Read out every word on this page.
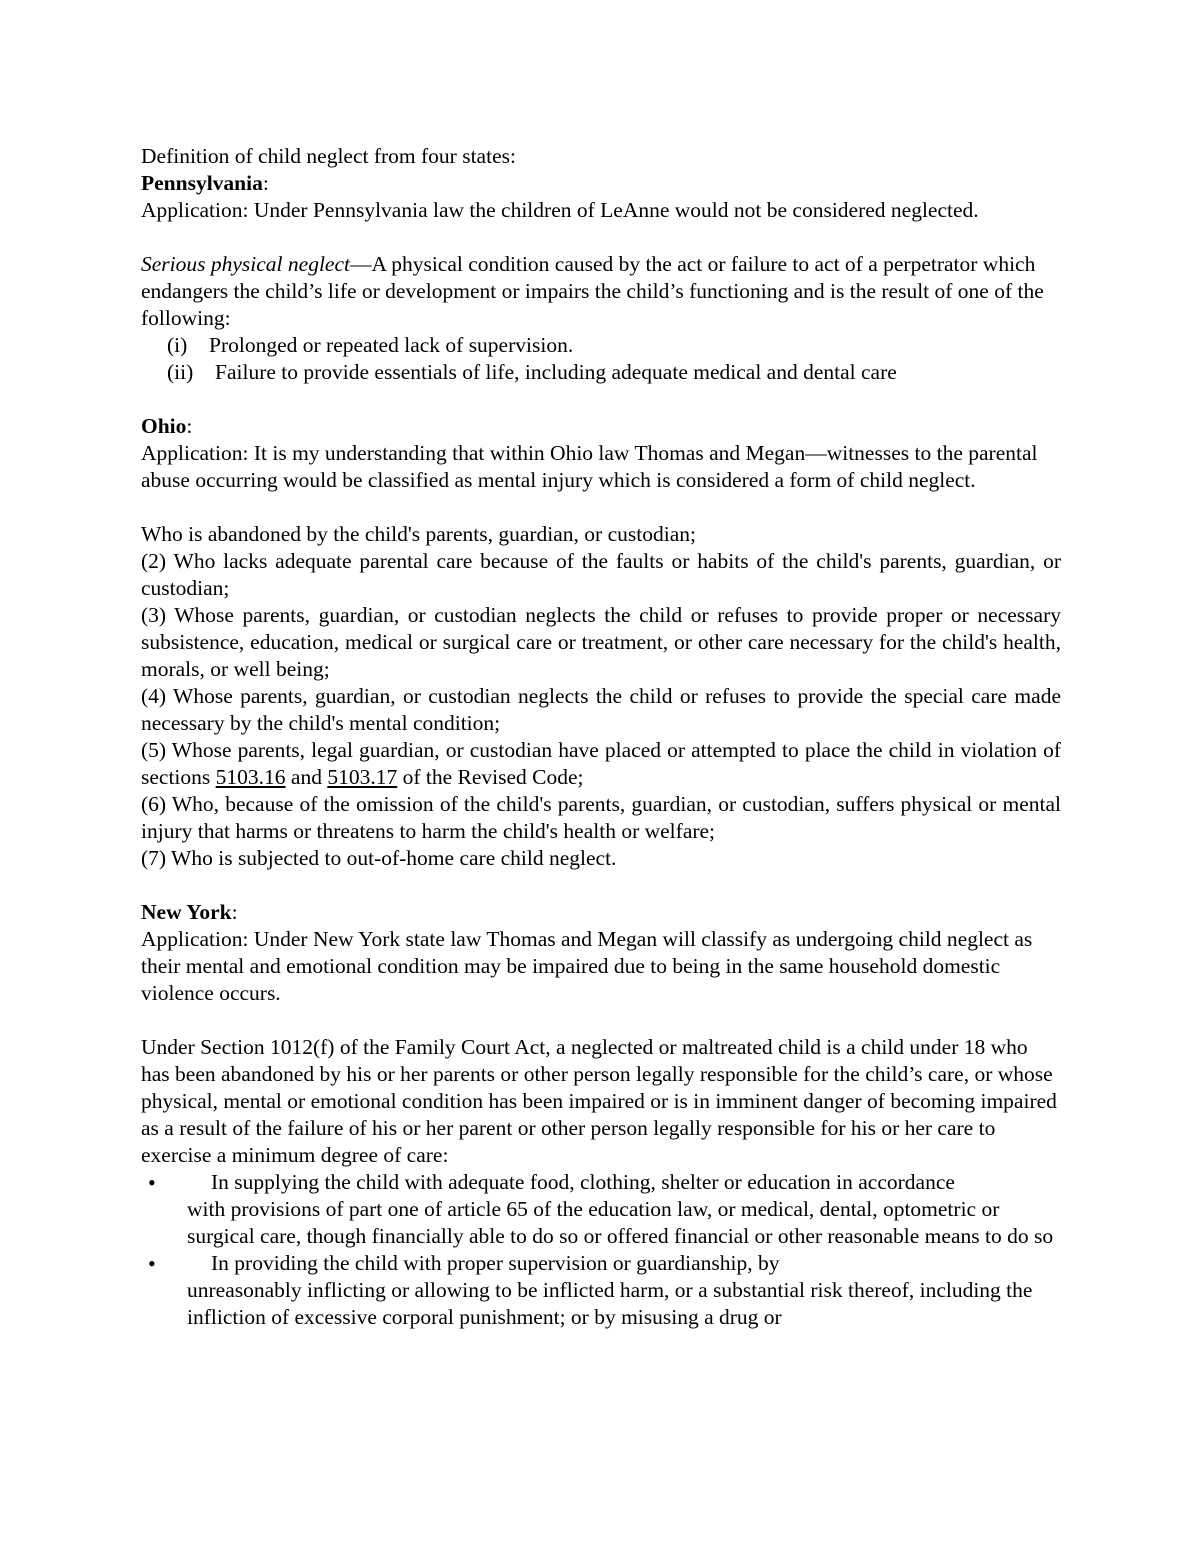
Definition of child neglect from four states:

Pennsylvania:

Application: Under Pennsylvania law the children of LeAnne would not be considered neglected.

Serious physical neglect—A physical condition caused by the act or failure to act of a perpetrator which endangers the child’s life or development or impairs the child’s functioning and is the result of one of the following:

(i)	Prolonged or repeated lack of supervision.
(ii)	Failure to provide essentials of life, including adequate medical and dental care

Ohio:

Application: It is my understanding that within Ohio law Thomas and Megan—witnesses to the parental abuse occurring would be classified as mental injury which is considered a form of child neglect.

Who is abandoned by the child's parents, guardian, or custodian;

(2) Who lacks adequate parental care because of the faults or habits of the child's parents, guardian, or custodian;

(3) Whose parents, guardian, or custodian neglects the child or refuses to provide proper or necessary subsistence, education, medical or surgical care or treatment, or other care necessary for the child's health, morals, or well being;

(4) Whose parents, guardian, or custodian neglects the child or refuses to provide the special care made necessary by the child's mental condition;

(5) Whose parents, legal guardian, or custodian have placed or attempted to place the child in violation of sections 5103.16 and 5103.17 of the Revised Code;

(6) Who, because of the omission of the child's parents, guardian, or custodian, suffers physical or mental injury that harms or threatens to harm the child's health or welfare;

(7) Who is subjected to out-of-home care child neglect.

New York:

Application: Under New York state law Thomas and Megan will classify as undergoing child neglect as their mental and emotional condition may be impaired due to being in the same household domestic violence occurs.

Under Section 1012(f) of the Family Court Act, a neglected or maltreated child is a child under 18 who has been abandoned by his or her parents or other person legally responsible for the child’s care, or whose physical, mental or emotional condition has been impaired or is in imminent danger of becoming impaired as a result of the failure of his or her parent or other person legally responsible for his or her care to exercise a minimum degree of care:

•	In supplying the child with adequate food, clothing, shelter or education in accordance
with provisions of part one of article 65 of the education law, or medical, dental, optometric or surgical care, though financially able to do so or offered financial or other reasonable means to do so
•	In providing the child with proper supervision or guardianship, by
unreasonably inflicting or allowing to be inflicted harm, or a substantial risk thereof, including the infliction of excessive corporal punishment; or by misusing a drug or
